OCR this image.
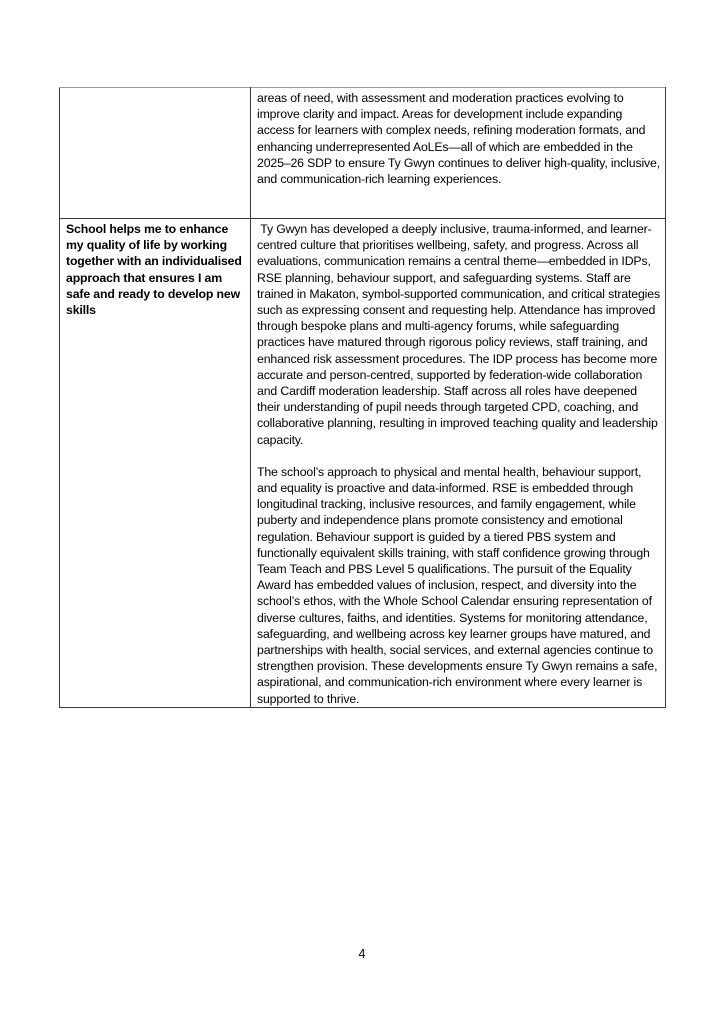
	areas of need, with assessment and moderation practices evolving to improve clarity and impact. Areas for development include expanding access for learners with complex needs, refining moderation formats, and enhancing underrepresented AoLEs—all of which are embedded in the 2025–26 SDP to ensure Ty Gwyn continues to deliver high-quality, inclusive, and communication-rich learning experiences.

School helps me to enhance my quality of life by working together with an individualised approach that ensures I am safe and ready to develop new skills	Ty Gwyn has developed a deeply inclusive, trauma-informed, and learner-centred culture that prioritises wellbeing, safety, and progress. Across all evaluations, communication remains a central theme—embedded in IDPs, RSE planning, behaviour support, and safeguarding systems. Staff are trained in Makaton, symbol-supported communication, and critical strategies such as expressing consent and requesting help. Attendance has improved through bespoke plans and multi-agency forums, while safeguarding practices have matured through rigorous policy reviews, staff training, and enhanced risk assessment procedures. The IDP process has become more accurate and person-centred, supported by federation-wide collaboration and Cardiff moderation leadership. Staff across all roles have deepened their understanding of pupil needs through targeted CPD, coaching, and collaborative planning, resulting in improved teaching quality and leadership capacity.

The school’s approach to physical and mental health, behaviour support, and equality is proactive and data-informed. RSE is embedded through longitudinal tracking, inclusive resources, and family engagement, while puberty and independence plans promote consistency and emotional regulation. Behaviour support is guided by a tiered PBS system and functionally equivalent skills training, with staff confidence growing through Team Teach and PBS Level 5 qualifications. The pursuit of the Equality Award has embedded values of inclusion, respect, and diversity into the school’s ethos, with the Whole School Calendar ensuring representation of diverse cultures, faiths, and identities. Systems for monitoring attendance, safeguarding, and wellbeing across key learner groups have matured, and partnerships with health, social services, and external agencies continue to strengthen provision. These developments ensure Ty Gwyn remains a safe, aspirational, and communication-rich environment where every learner is supported to thrive.

4
